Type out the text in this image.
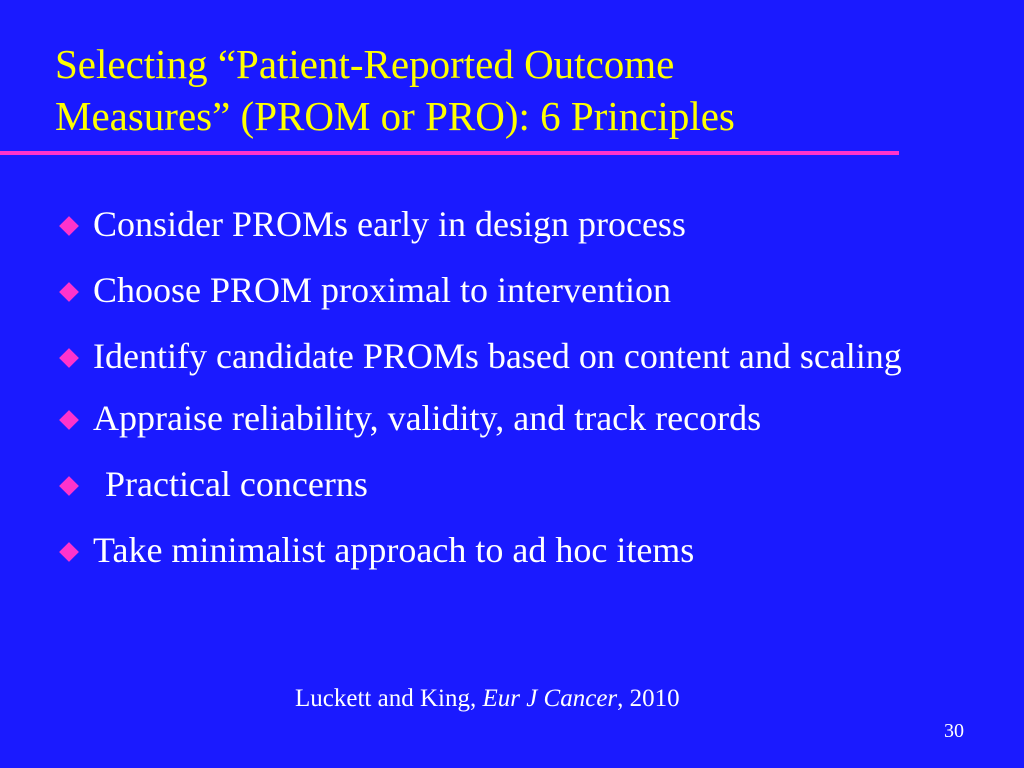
Selecting “Patient-Reported Outcome
Measures” (PROM or PRO): 6 Principles
Consider PROMs early in design process
Choose PROM proximal to intervention
Identify candidate PROMs based on content and scaling
Appraise reliability, validity, and track records
Practical concerns
Take minimalist approach to ad hoc items
Luckett and King, Eur J Cancer, 2010
30
